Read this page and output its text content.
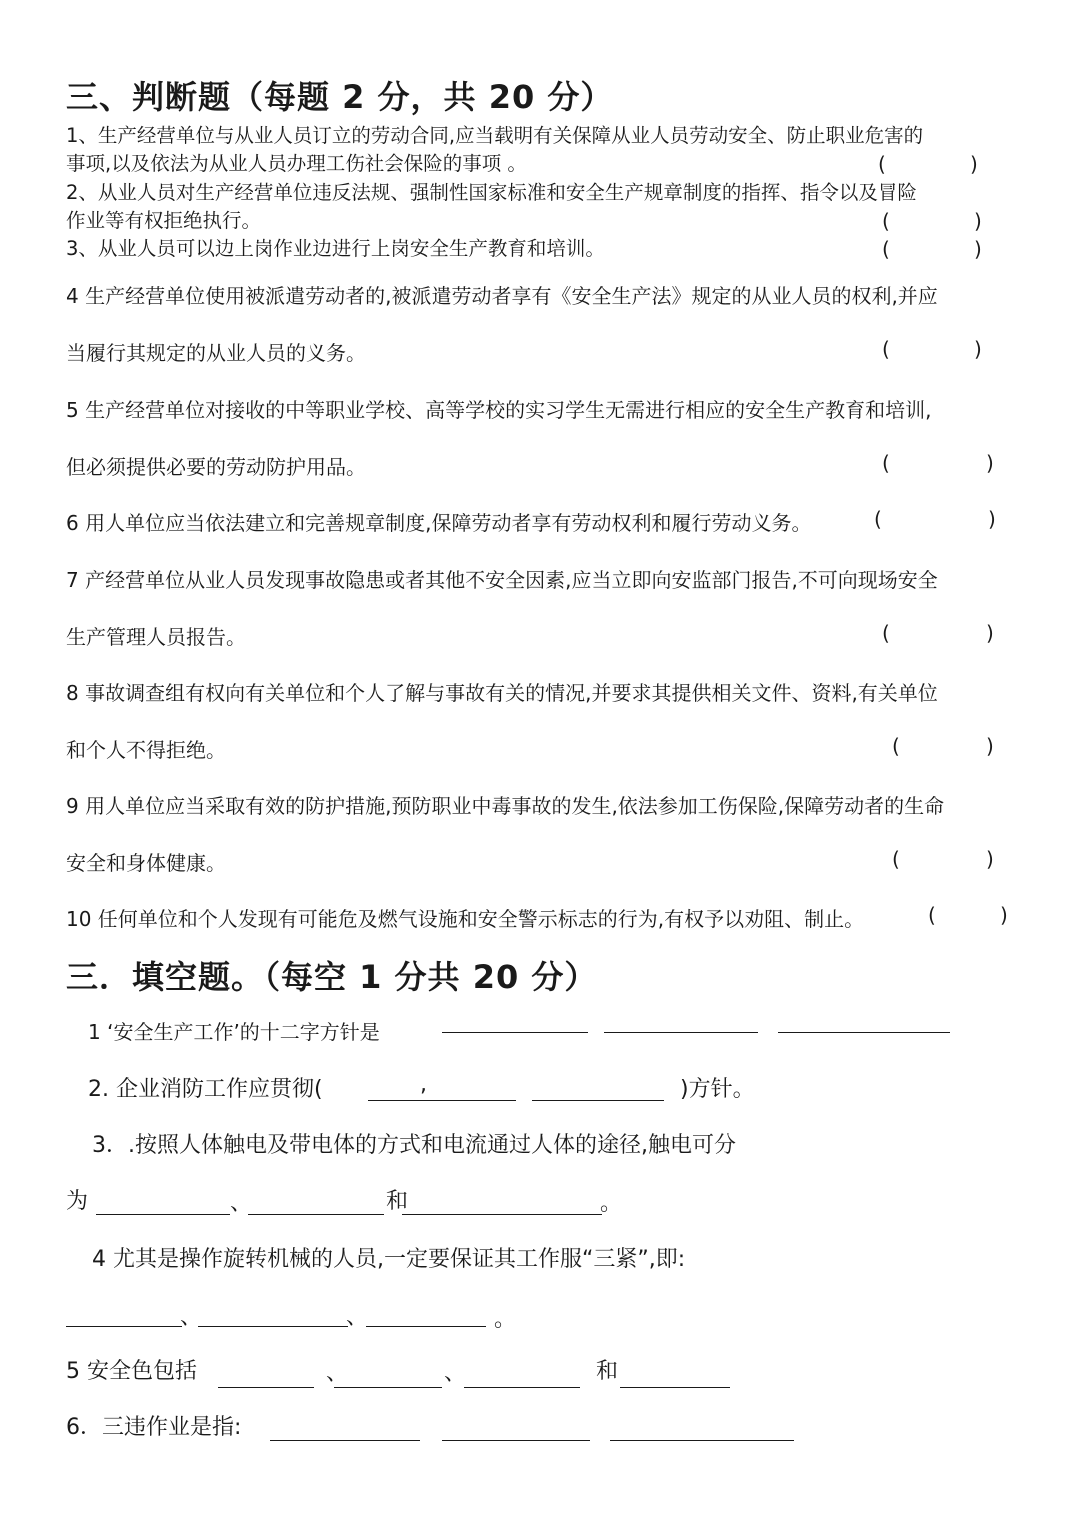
三、判断题（每题 2 分，共 20 分）
1、生产经营单位与从业人员订立的劳动合同,应当载明有关保障从业人员劳动安全、防止职业危害的
事项,以及依法为从业人员办理工伤社会保险的事项 。	(	)
2、从业人员对生产经营单位违反法规、强制性国家标准和安全生产规章制度的指挥、指令以及冒险
作业等有权拒绝执行。	(	)
3、从业人员可以边上岗作业边进行上岗安全生产教育和培训。	(	)
4 生产经营单位使用被派遣劳动者的,被派遣劳动者享有《安全生产法》规定的从业人员的权利,并应
当履行其规定的从业人员的义务。	(	)
5 生产经营单位对接收的中等职业学校、高等学校的实习学生无需进行相应的安全生产教育和培训,
但必须提供必要的劳动防护用品。	(	)
6 用人单位应当依法建立和完善规章制度,保障劳动者享有劳动权利和履行劳动义务。	(	)
7 产经营单位从业人员发现事故隐患或者其他不安全因素,应当立即向安监部门报告,不可向现场安全
生产管理人员报告。	(	)
8 事故调查组有权向有关单位和个人了解与事故有关的情况,并要求其提供相关文件、资料,有关单位
和个人不得拒绝。	(	)
9 用人单位应当采取有效的防护措施,预防职业中毒事故的发生,依法参加工伤保险,保障劳动者的生命
安全和身体健康。	(	)
10 任何单位和个人发现有可能危及燃气设施和安全警示标志的行为,有权予以劝阻、制止。	(	)
三．填空题。（每空 1 分共 20 分）
1 ‘安全生产工作’的十二字方针是
2. 企业消防工作应贯彻(	,	)方针。
3．.按照人体触电及带电体的方式和电流通过人体的途径,触电可分
为	、	和	。
4 尤其是操作旋转机械的人员,一定要保证其工作服“三紧”,即:
、	、	。
5 安全色包括	、	、	和
6．三违作业是指:
